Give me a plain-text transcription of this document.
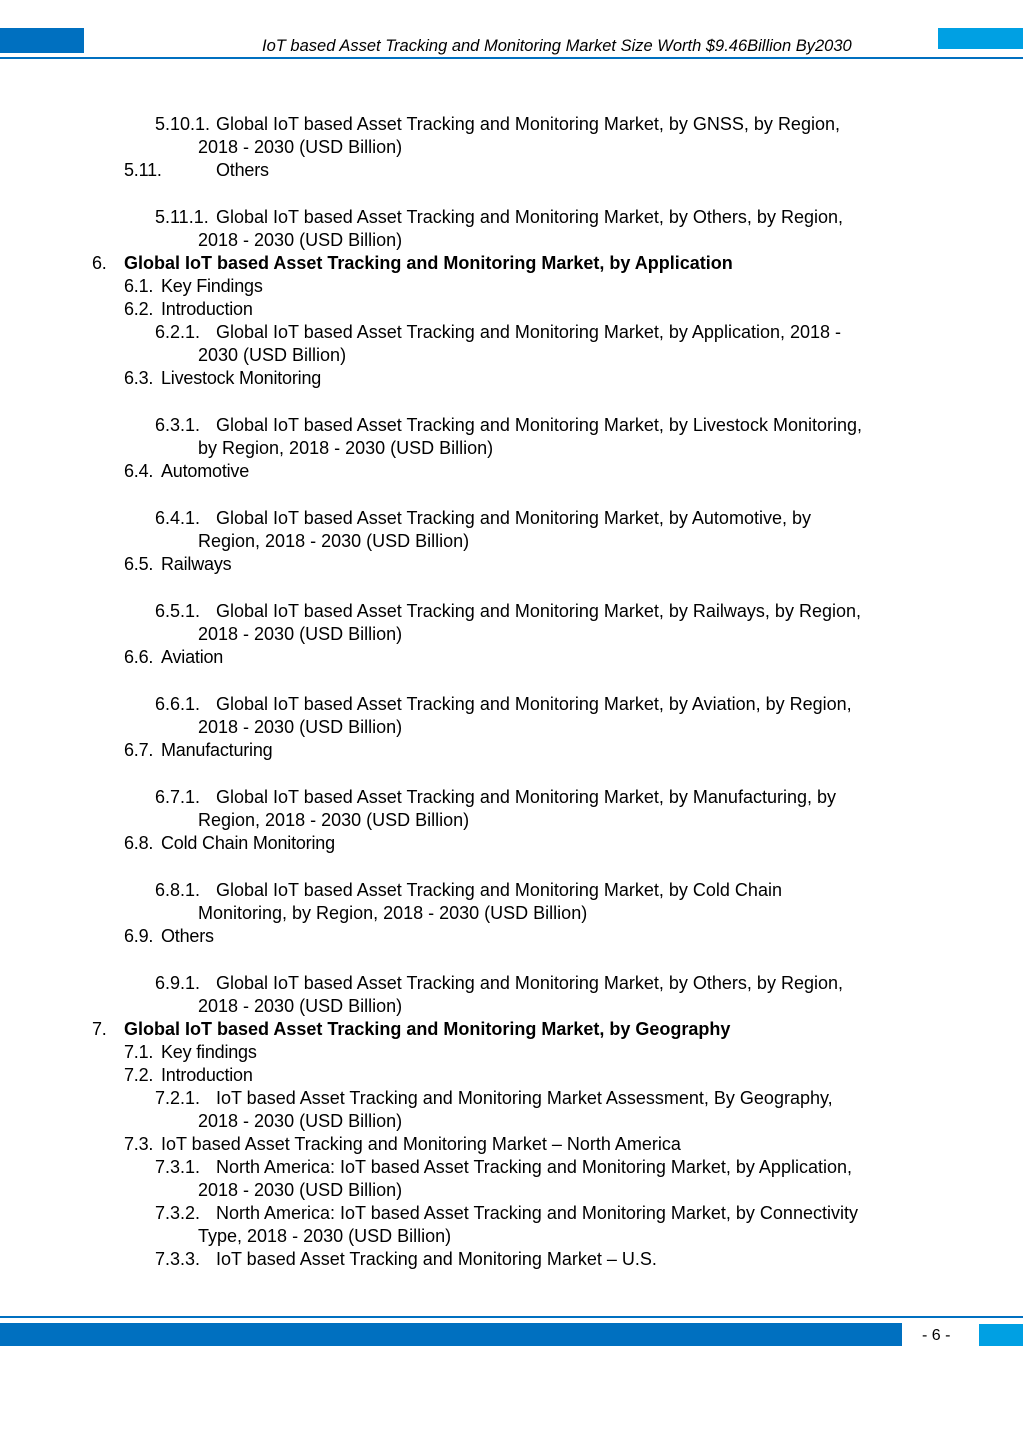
IoT based Asset Tracking and Monitoring Market Size Worth $9.46Billion By2030
5.10.1. Global IoT based Asset Tracking and Monitoring Market, by GNSS, by Region,
2018 - 2030 (USD Billion)
5.11.	Others
5.11.1. Global IoT based Asset Tracking and Monitoring Market, by Others, by Region,
2018 - 2030 (USD Billion)
6. Global IoT based Asset Tracking and Monitoring Market, by Application
6.1. Key Findings
6.2. Introduction
6.2.1. Global IoT based Asset Tracking and Monitoring Market, by Application, 2018 -
2030 (USD Billion)
6.3. Livestock Monitoring
6.3.1. Global IoT based Asset Tracking and Monitoring Market, by Livestock Monitoring,
by Region, 2018 - 2030 (USD Billion)
6.4. Automotive
6.4.1. Global IoT based Asset Tracking and Monitoring Market, by Automotive, by
Region, 2018 - 2030 (USD Billion)
6.5. Railways
6.5.1. Global IoT based Asset Tracking and Monitoring Market, by Railways, by Region,
2018 - 2030 (USD Billion)
6.6. Aviation
6.6.1. Global IoT based Asset Tracking and Monitoring Market, by Aviation, by Region,
2018 - 2030 (USD Billion)
6.7. Manufacturing
6.7.1. Global IoT based Asset Tracking and Monitoring Market, by Manufacturing, by
Region, 2018 - 2030 (USD Billion)
6.8. Cold Chain Monitoring
6.8.1. Global IoT based Asset Tracking and Monitoring Market, by Cold Chain
Monitoring, by Region, 2018 - 2030 (USD Billion)
6.9. Others
6.9.1. Global IoT based Asset Tracking and Monitoring Market, by Others, by Region,
2018 - 2030 (USD Billion)
7. Global IoT based Asset Tracking and Monitoring Market, by Geography
7.1. Key findings
7.2. Introduction
7.2.1. IoT based Asset Tracking and Monitoring Market Assessment, By Geography,
2018 - 2030 (USD Billion)
7.3. IoT based Asset Tracking and Monitoring Market – North America
7.3.1. North America: IoT based Asset Tracking and Monitoring Market, by Application,
2018 - 2030 (USD Billion)
7.3.2. North America: IoT based Asset Tracking and Monitoring Market, by Connectivity
Type, 2018 - 2030 (USD Billion)
7.3.3. IoT based Asset Tracking and Monitoring Market – U.S.
- 6 -
